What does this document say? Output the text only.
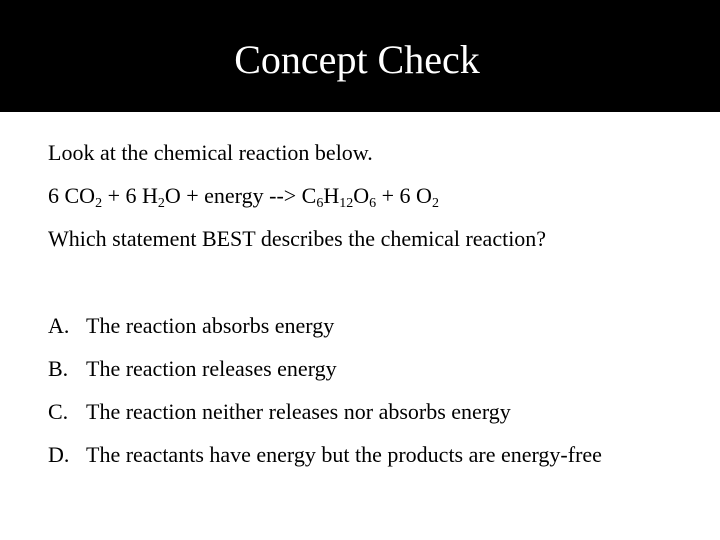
Concept Check
Look at the chemical reaction below.
6 $CO_2 + 6$ $H_2O$ + energy --> $C_6H_{12}O_6 + 6$ $O_2$
Which statement BEST describes the chemical reaction?
A. The reaction absorbs energy
B. The reaction releases energy
C. The reaction neither releases nor absorbs energy
D. The reactants have energy but the products are energy-free
